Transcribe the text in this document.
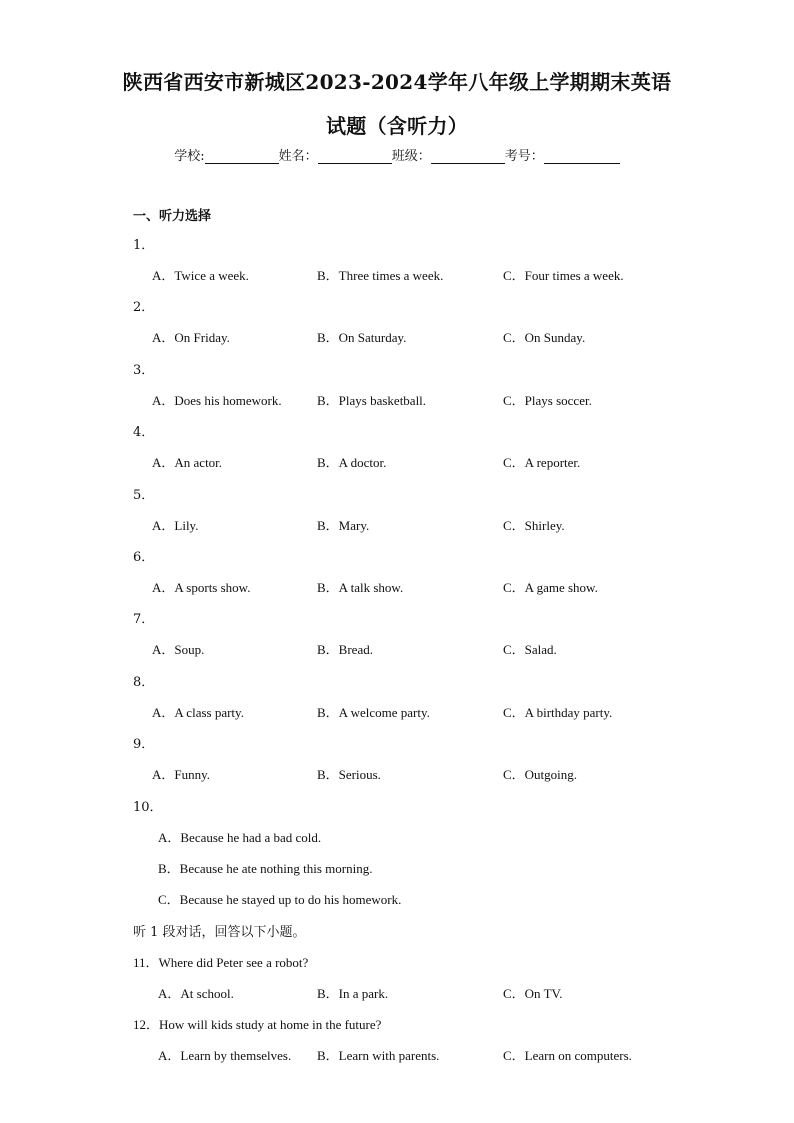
陕西省西安市新城区2023-2024学年八年级上学期期末英语
试题（含听力）
学校:	姓名：	班级：	考号：
一、听力选择
1．
A．Twice a week.	B．Three times a week.	C．Four times a week.
2．
A．On Friday.	B．On Saturday.	C．On Sunday.
3．
A．Does his homework.	B．Plays basketball.	C．Plays soccer.
4．
A．An actor.	B．A doctor.	C．A reporter.
5．
A．Lily.	B．Mary.	C．Shirley.
6．
A．A sports show.	B．A talk show.	C．A game show.
7．
A．Soup.	B．Bread.	C．Salad.
8．
A．A class party.	B．A welcome party.	C．A birthday party.
9．
A．Funny.	B．Serious.	C．Outgoing.
10．
A．Because he had a bad cold.
B．Because he ate nothing this morning.
C．Because he stayed up to do his homework.
听 1 段对话，回答以下小题。
11．Where did Peter see a robot?
A．At school.	B．In a park.	C．On TV.
12．How will kids study at home in the future?
A．Learn by themselves. B．Learn with parents.	C．Learn on computers.
